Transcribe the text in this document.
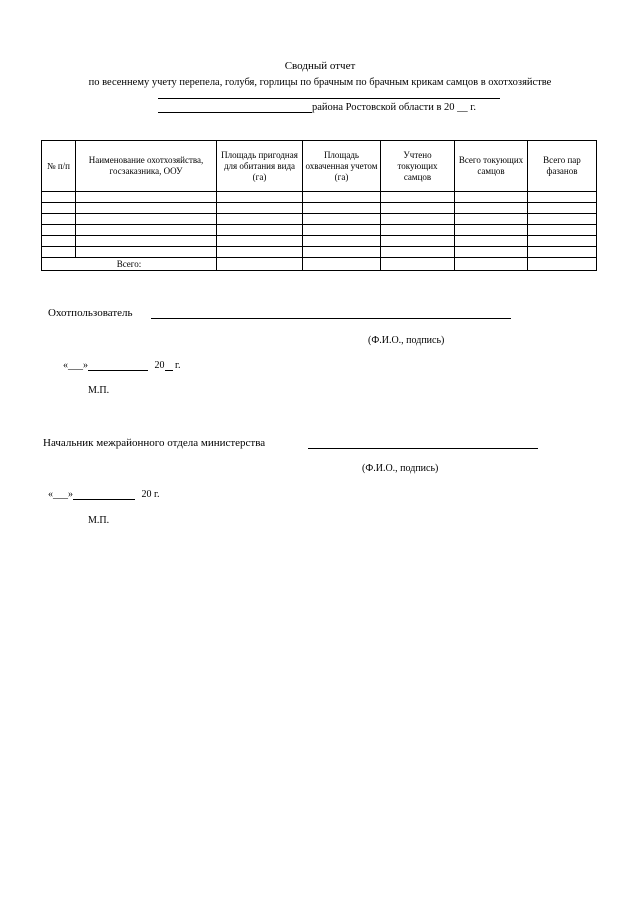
Сводный отчет
по весеннему учету перепела, голубя, горлицы по брачным по брачным крикам самцов в охотхозяйстве
района Ростовской области в 20 __ г.
№ п/п	Наименование охотхозяйства, госзаказника, ООУ	Площадь пригодная для обитания вида (га)	Площадь охваченная учетом (га)	Учтено токующих самцов	Всего токующих самцов	Всего пар фазанов

Всего:						
Охотпользователь
(Ф.И.О., подпись)
«___»	20 г.
М.П.
Начальник межрайонного отдела министерства
(Ф.И.О., подпись)
«___»	20 г.
М.П.
